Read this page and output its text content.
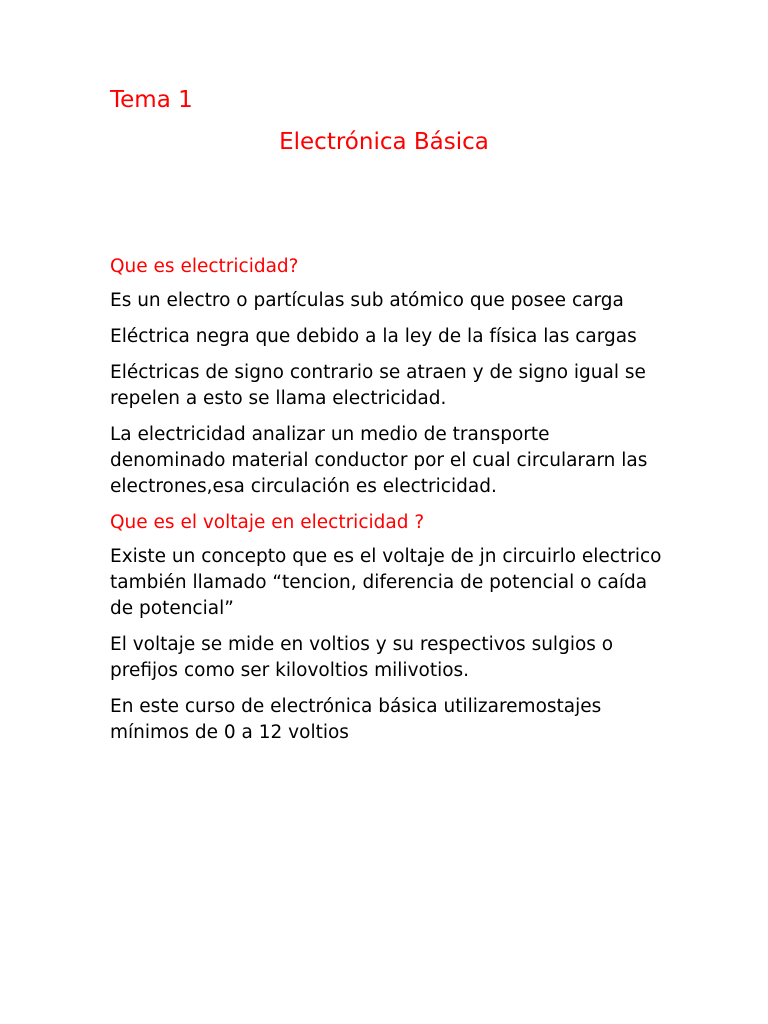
Tema 1
Electrónica Básica
Que es electricidad?

Es un electro o partículas sub atómico que posee carga

Eléctrica negra que debido a la ley de la física las cargas

Eléctricas de signo contrario se atraen y de signo igual se repelen a esto se llama electricidad.

La electricidad analizar un medio de transporte denominado material conductor por el cual circulararn las electrones,esa circulación es electricidad.

Que es el voltaje en electricidad ?

Existe un concepto que es el voltaje de jn circuirlo electrico también llamado “tencion, diferencia de potencial o caída de potencial”

El voltaje se mide en voltios y su respectivos sulgios o prefijos como ser kilovoltios milivotios.

En este curso de electrónica básica utilizaremostajes mínimos de 0 a 12 voltios
